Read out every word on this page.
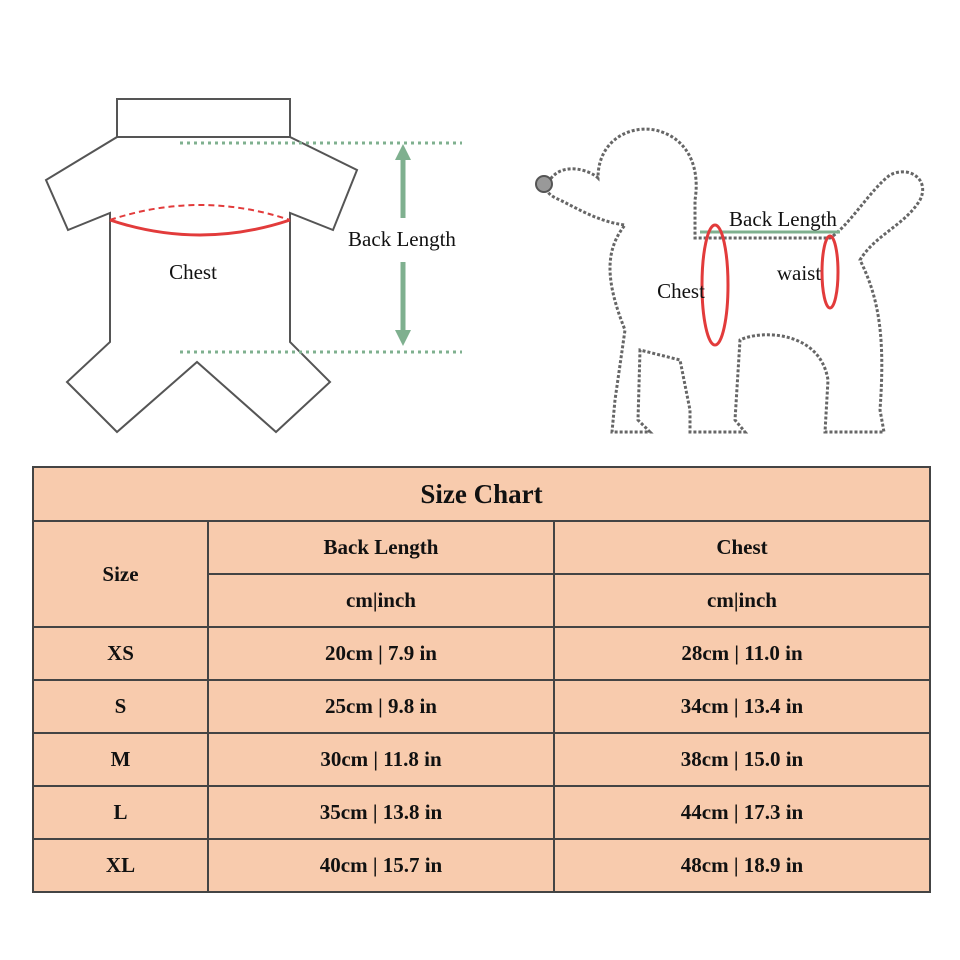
Chest
Back Length
Back Length
Chest
waist
Size Chart		
Size	Back Length	Chest
	cm|inch	cm|inch
XS	20cm | 7.9 in	28cm | 11.0 in
S	25cm | 9.8 in	34cm | 13.4 in
M	30cm | 11.8 in	38cm | 15.0 in
L	35cm | 13.8 in	44cm | 17.3 in
XL	40cm | 15.7 in	48cm | 18.9 in
